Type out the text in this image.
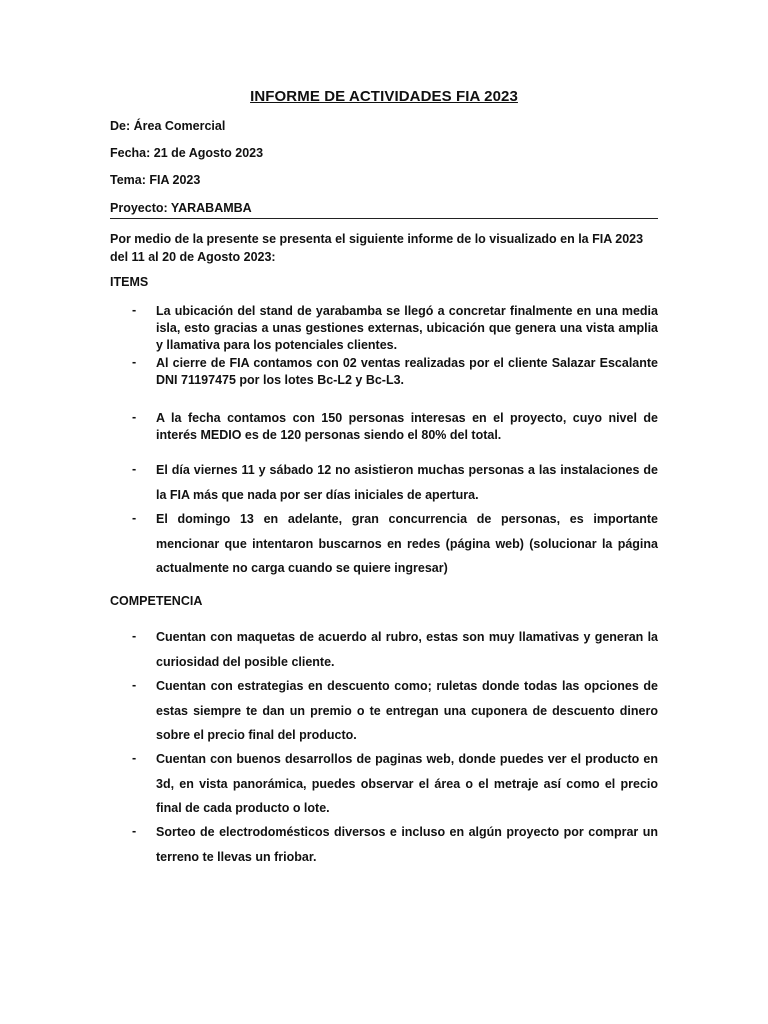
INFORME DE ACTIVIDADES FIA 2023
De: Área Comercial
Fecha: 21 de Agosto 2023
Tema: FIA 2023
Proyecto: YARABAMBA
Por medio de la presente se presenta el siguiente informe de lo visualizado en la FIA 2023 del 11 al 20 de Agosto 2023:
ITEMS
- La ubicación del stand de yarabamba se llegó a concretar finalmente en una media isla, esto gracias a unas gestiones externas, ubicación que genera una vista amplia y llamativa para los potenciales clientes.
- Al cierre de FIA contamos con 02 ventas realizadas por el cliente Salazar Escalante DNI 71197475 por los lotes Bc-L2 y Bc-L3.
- A la fecha contamos con 150 personas interesas en el proyecto, cuyo nivel de interés MEDIO es de 120 personas siendo el 80% del total.
- El día viernes 11 y sábado 12 no asistieron muchas personas a las instalaciones de la FIA más que nada por ser días iniciales de apertura.
- El domingo 13 en adelante, gran concurrencia de personas, es importante mencionar que intentaron buscarnos en redes (página web) (solucionar la página actualmente no carga cuando se quiere ingresar)
COMPETENCIA
- Cuentan con maquetas de acuerdo al rubro, estas son muy llamativas y generan la curiosidad del posible cliente.
- Cuentan con estrategias en descuento como; ruletas donde todas las opciones de estas siempre te dan un premio o te entregan una cuponera de descuento dinero sobre el precio final del producto.
- Cuentan con buenos desarrollos de paginas web, donde puedes ver el producto en 3d, en vista panorámica, puedes observar el área o el metraje así como el precio final de cada producto o lote.
- Sorteo de electrodomésticos diversos e incluso en algún proyecto por comprar un terreno te llevas un friobar.
